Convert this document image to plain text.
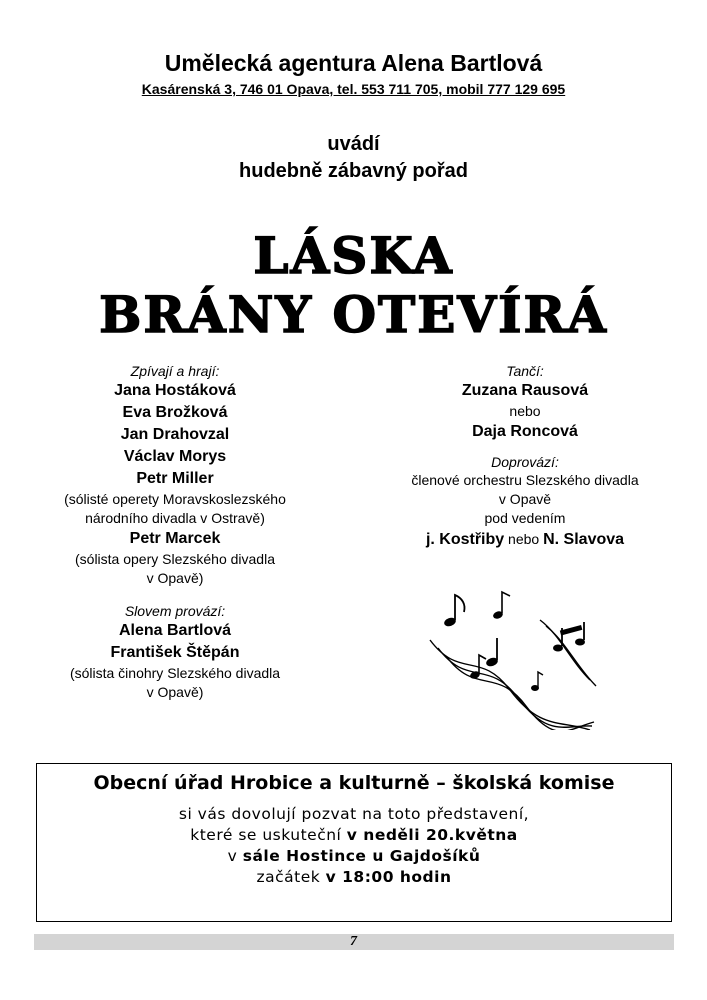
Umělecká agentura Alena Bartlová
Kasárenská 3, 746 01 Opava, tel. 553 711 705, mobil 777 129 695
uvádí
hudebně zábavný pořad
LÁSKA
BRÁNY OTEVÍRÁ
Zpívají a hrají:
Jana Hostáková
Eva Brožková
Jan Drahovzal
Václav Morys
Petr Miller
(sólisté operety Moravskoslezského
národního divadla v Ostravě)
Petr Marcek
(sólista opery Slezského divadla
v Opavě)
Slovem provází:
Alena Bartlová
František Štěpán
(sólista činohry Slezského divadla
v Opavě)
Tančí:
Zuzana Rausová
nebo
Daja Roncová
Doprovází:
členové orchestru Slezského divadla
v Opavě
pod vedením
j. Kostřiby nebo N. Slavova
Obecní úřad Hrobice a kulturně – školská komise
si vás dovolují pozvat na toto představení,
které se uskuteční v neděli 20.května
v sále Hostince u Gajdošíků
začátek v 18:00 hodin
7
